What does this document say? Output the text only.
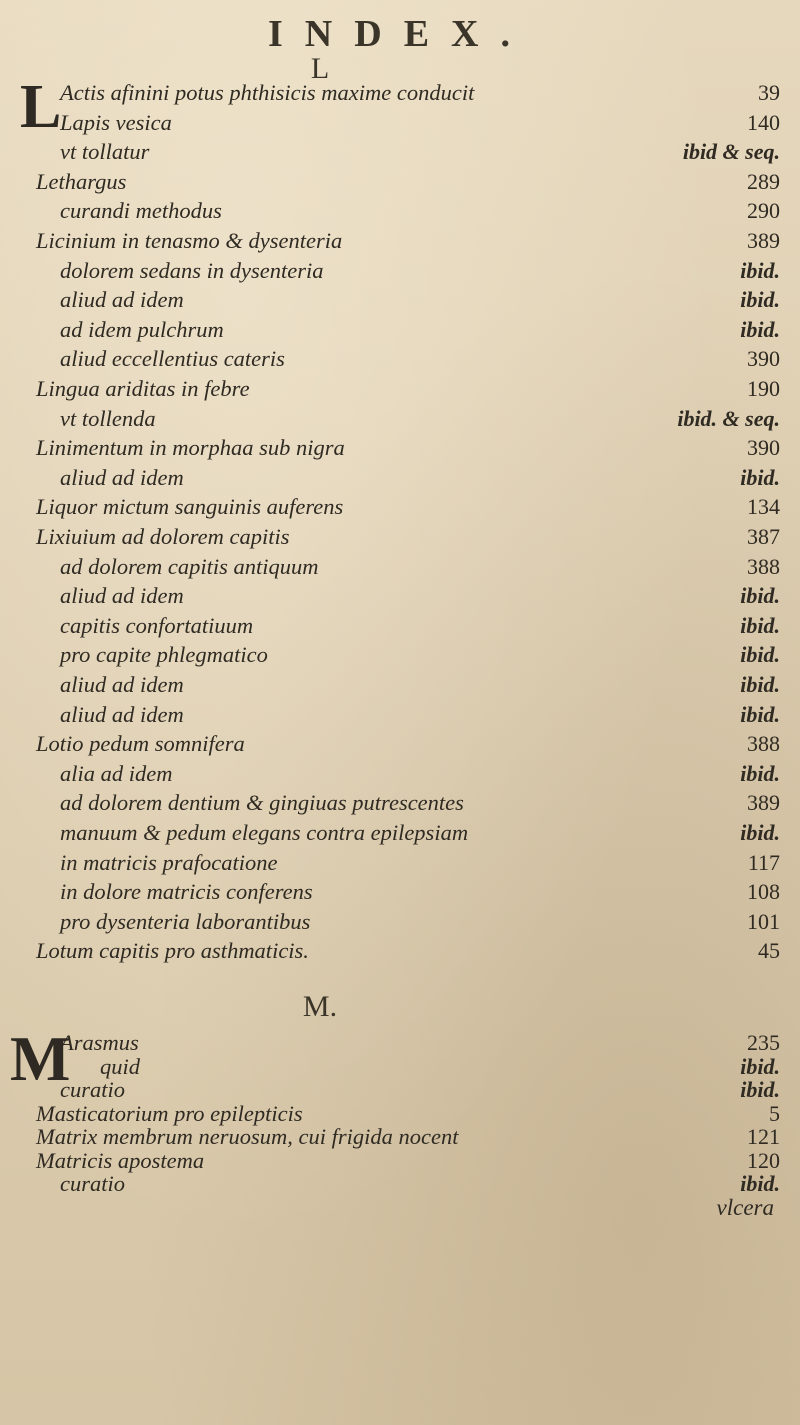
INDEX.
L
L
Actis afinini potus phthisicis maxime conducit	39
Lapis vesica	140
vt tollatur	ibid & seq.
Lethargus	289
curandi methodus	290
Licinium in tenasmo & dysenteria	389
dolorem sedans in dysenteria	ibid.
aliud ad idem	ibid.
ad idem pulchrum	ibid.
aliud eccellentius cateris	390
Lingua ariditas in febre	190
vt tollenda	ibid. & seq.
Linimentum in morphaa sub nigra	390
aliud ad idem	ibid.
Liquor mictum sanguinis auferens	134
Lixiuium ad dolorem capitis	387
ad dolorem capitis antiquum	388
aliud ad idem	ibid.
capitis confortatiuum	ibid.
pro capite phlegmatico	ibid.
aliud ad idem	ibid.
aliud ad idem	ibid.
Lotio pedum somnifera	388
alia ad idem	ibid.
ad dolorem dentium & gingiuas putrescentes	389
manuum & pedum elegans contra epilepsiam	ibid.
in matricis prafocatione	117
in dolore matricis conferens	108
pro dysenteria laborantibus	101
Lotum capitis pro asthmaticis.	45
M.
M
Arasmus	235
quid	ibid.
curatio	ibid.
Masticatorium pro epilepticis	5
Matrix membrum neruosum, cui frigida nocent	121
Matricis apostema	120
curatio	ibid.
vlcera
